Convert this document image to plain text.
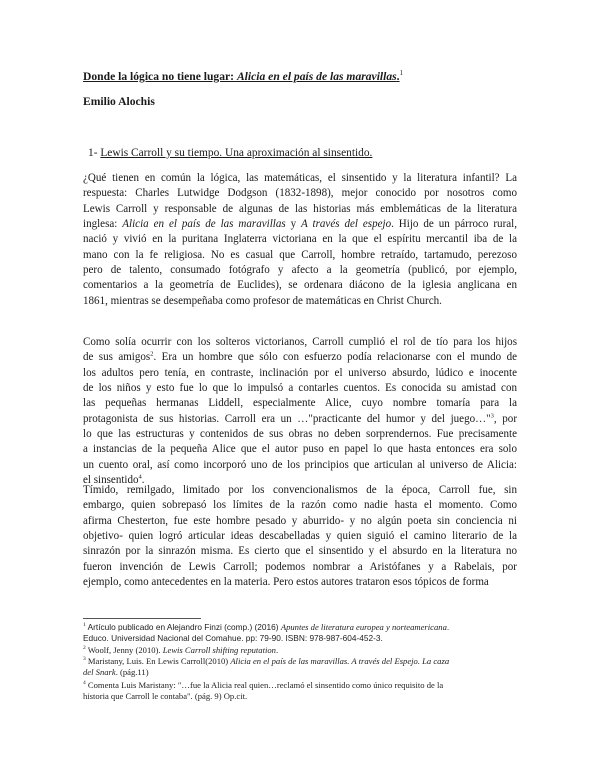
Donde la lógica no tiene lugar: Alicia en el país de las maravillas.$^1$
Emilio Alochis
1- Lewis Carroll y su tiempo. Una aproximación al sinsentido.
¿Qué tienen en común la lógica, las matemáticas, el sinsentido y la literatura infantil? La
respuesta: Charles Lutwidge Dodgson (1832-1898), mejor conocido por nosotros como
Lewis Carroll y responsable de algunas de las historias más emblemáticas de la literatura
inglesa: Alicia en el país de las maravillas y A través del espejo. Hijo de un párroco rural,
nació y vivió en la puritana Inglaterra victoriana en la que el espíritu mercantil iba de la
mano con la fe religiosa. No es casual que Carroll, hombre retraído, tartamudo, perezoso
pero de talento, consumado fotógrafo y afecto a la geometría (publicó, por ejemplo,
comentarios a la geometría de Euclides), se ordenara diácono de la iglesia anglicana en
1861, mientras se desempeñaba como profesor de matemáticas en Christ Church.
Como solía ocurrir con los solteros victorianos, Carroll cumplió el rol de tío para los hijos
de sus amigos$^2$. Era un hombre que sólo con esfuerzo podía relacionarse con el mundo de
los adultos pero tenía, en contraste, inclinación por el universo absurdo, lúdico e inocente
de los niños y esto fue lo que lo impulsó a contarles cuentos. Es conocida su amistad con
las pequeñas hermanas Liddell, especialmente Alice, cuyo nombre tomaría para la
protagonista de sus historias. Carroll era un …"practicante del humor y del juego…"$^3$, por
lo que las estructuras y contenidos de sus obras no deben sorprendernos. Fue precisamente
a instancias de la pequeña Alice que el autor puso en papel lo que hasta entonces era solo
un cuento oral, así como incorporó uno de los principios que articulan al universo de Alicia:
el sinsentido$^4$.
Tímido, remilgado, limitado por los convencionalismos de la época, Carroll fue, sin
embargo, quien sobrepasó los límites de la razón como nadie hasta el momento. Como
afirma Chesterton, fue este hombre pesado y aburrido- y no algún poeta sin conciencia ni
objetivo- quien logró articular ideas descabelladas y quien siguió el camino literario de la
sinrazón por la sinrazón misma. Es cierto que el sinsentido y el absurdo en la literatura no
fueron invención de Lewis Carroll; podemos nombrar a Aristófanes y a Rabelais, por
ejemplo, como antecedentes en la materia. Pero estos autores trataron esos tópicos de forma
$^1$ Artículo publicado en Alejandro Finzi (comp.) (2016) Apuntes de literatura europea y norteamericana.
Educo. Universidad Nacional del Comahue. pp: 79-90. ISBN: 978-987-604-452-3.
$^2$ Woolf, Jenny (2010). Lewis Carroll shifting reputation.
$^3$ Maristany, Luis. En Lewis Carroll(2010) Alicia en el país de las maravillas. A través del Espejo. La caza
del Snark. (pág.11)
$^4$ Comenta Luis Maristany: "…fue la Alicia real quien…reclamó el sinsentido como único requisito de la
historia que Carroll le contaba". (pág. 9) Op.cit.
